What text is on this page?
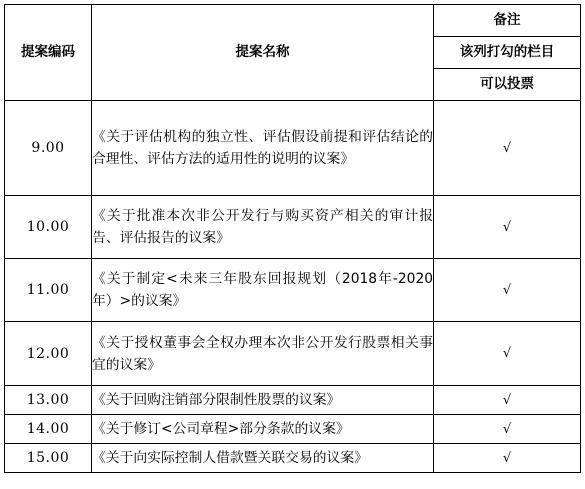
提案编码	提案名称	备注
		该列打勾的栏目
		可以投票
9.00	《关于评估机构的独立性、评估假设前提和评估结论的合理性、评估方法的适用性的说明的议案》	√
10.00	《关于批准本次非公开发行与购买资产相关的审计报告、评估报告的议案》	√
11.00	《关于制定<未来三年股东回报规划（2018年-2020年）>的议案》	√
12.00	《关于授权董事会全权办理本次非公开发行股票相关事宜的议案》	√
13.00	《关于回购注销部分限制性股票的议案》	√
14.00	《关于修订<公司章程>部分条款的议案》	√
15.00	《关于向实际控制人借款暨关联交易的议案》	√
